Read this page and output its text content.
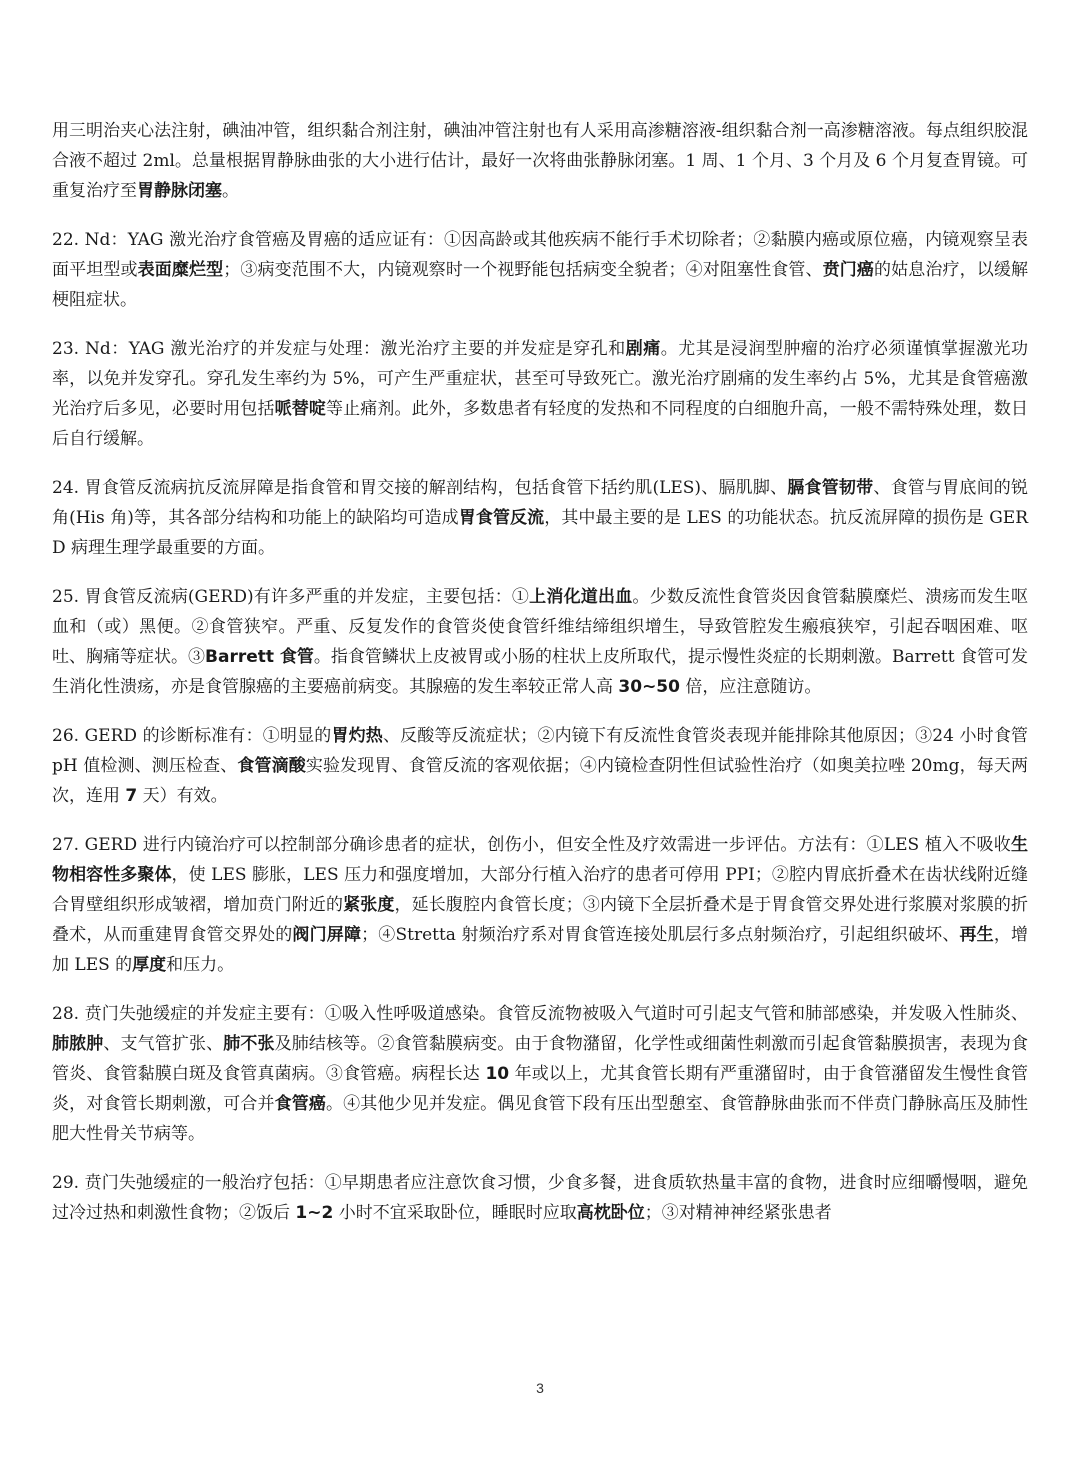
用三明治夹心法注射，碘油冲管，组织黏合剂注射，碘油冲管注射也有人采用高渗糖溶液-组织黏合剂一高渗糖溶液。每点组织胶混合液不超过 2ml。总量根据胃静脉曲张的大小进行估计，最好一次将曲张静脉闭塞。1 周、1 个月、3 个月及 6 个月复查胃镜。可重复治疗至胃静脉闭塞。

22. Nd：YAG 激光治疗食管癌及胃癌的适应证有：①因高龄或其他疾病不能行手术切除者；②黏膜内癌或原位癌，内镜观察呈表面平坦型或表面糜烂型；③病变范围不大，内镜观察时一个视野能包括病变全貌者；④对阻塞性食管、贲门癌的姑息治疗，以缓解梗阻症状。

23. Nd：YAG 激光治疗的并发症与处理：激光治疗主要的并发症是穿孔和剧痛。尤其是浸润型肿瘤的治疗必须谨慎掌握激光功率，以免并发穿孔。穿孔发生率约为 5%，可产生严重症状，甚至可导致死亡。激光治疗剧痛的发生率约占 5%，尤其是食管癌激光治疗后多见，必要时用包括哌替啶等止痛剂。此外，多数患者有轻度的发热和不同程度的白细胞升高，一般不需特殊处理，数日后自行缓解。

24. 胃食管反流病抗反流屏障是指食管和胃交接的解剖结构，包括食管下括约肌(LES)、膈肌脚、膈食管韧带、食管与胃底间的锐角(His 角)等，其各部分结构和功能上的缺陷均可造成胃食管反流，其中最主要的是 LES 的功能状态。抗反流屏障的损伤是 GERD 病理生理学最重要的方面。

25. 胃食管反流病(GERD)有许多严重的并发症，主要包括：①上消化道出血。少数反流性食管炎因食管黏膜糜烂、溃疡而发生呕血和（或）黑便。②食管狭窄。严重、反复发作的食管炎使食管纤维结缔组织增生，导致管腔发生瘢痕狭窄，引起吞咽困难、呕吐、胸痛等症状。③Barrett 食管。指食管鳞状上皮被胃或小肠的柱状上皮所取代，提示慢性炎症的长期刺激。Barrett 食管可发生消化性溃疡，亦是食管腺癌的主要癌前病变。其腺癌的发生率较正常人高 30~50 倍，应注意随访。

26. GERD 的诊断标准有：①明显的胃灼热、反酸等反流症状；②内镜下有反流性食管炎表现并能排除其他原因；③24 小时食管 pH 值检测、测压检查、食管滴酸实验发现胃、食管反流的客观依据；④内镜检查阴性但试验性治疗（如奥美拉唑 20mg，每天两次，连用 7 天）有效。

27. GERD 进行内镜治疗可以控制部分确诊患者的症状，创伤小，但安全性及疗效需进一步评估。方法有：①LES 植入不吸收生物相容性多聚体，使 LES 膨胀，LES 压力和强度增加，大部分行植入治疗的患者可停用 PPI；②腔内胃底折叠术在齿状线附近缝合胃壁组织形成皱褶，增加贲门附近的紧张度，延长腹腔内食管长度；③内镜下全层折叠术是于胃食管交界处进行浆膜对浆膜的折叠术，从而重建胃食管交界处的阀门屏障；④Stretta 射频治疗系对胃食管连接处肌层行多点射频治疗，引起组织破坏、再生，增加 LES 的厚度和压力。

28. 贲门失弛缓症的并发症主要有：①吸入性呼吸道感染。食管反流物被吸入气道时可引起支气管和肺部感染，并发吸入性肺炎、肺脓肿、支气管扩张、肺不张及肺结核等。②食管黏膜病变。由于食物潴留，化学性或细菌性刺激而引起食管黏膜损害，表现为食管炎、食管黏膜白斑及食管真菌病。③食管癌。病程长达 10 年或以上，尤其食管长期有严重潴留时，由于食管潴留发生慢性食管炎，对食管长期刺激，可合并食管癌。④其他少见并发症。偶见食管下段有压出型憩室、食管静脉曲张而不伴贲门静脉高压及肺性肥大性骨关节病等。

29. 贲门失弛缓症的一般治疗包括：①早期患者应注意饮食习惯，少食多餐，进食质软热量丰富的食物，进食时应细嚼慢咽，避免过冷过热和刺激性食物；②饭后 1~2 小时不宜采取卧位，睡眠时应取高枕卧位；③对精神神经紧张患者

3
